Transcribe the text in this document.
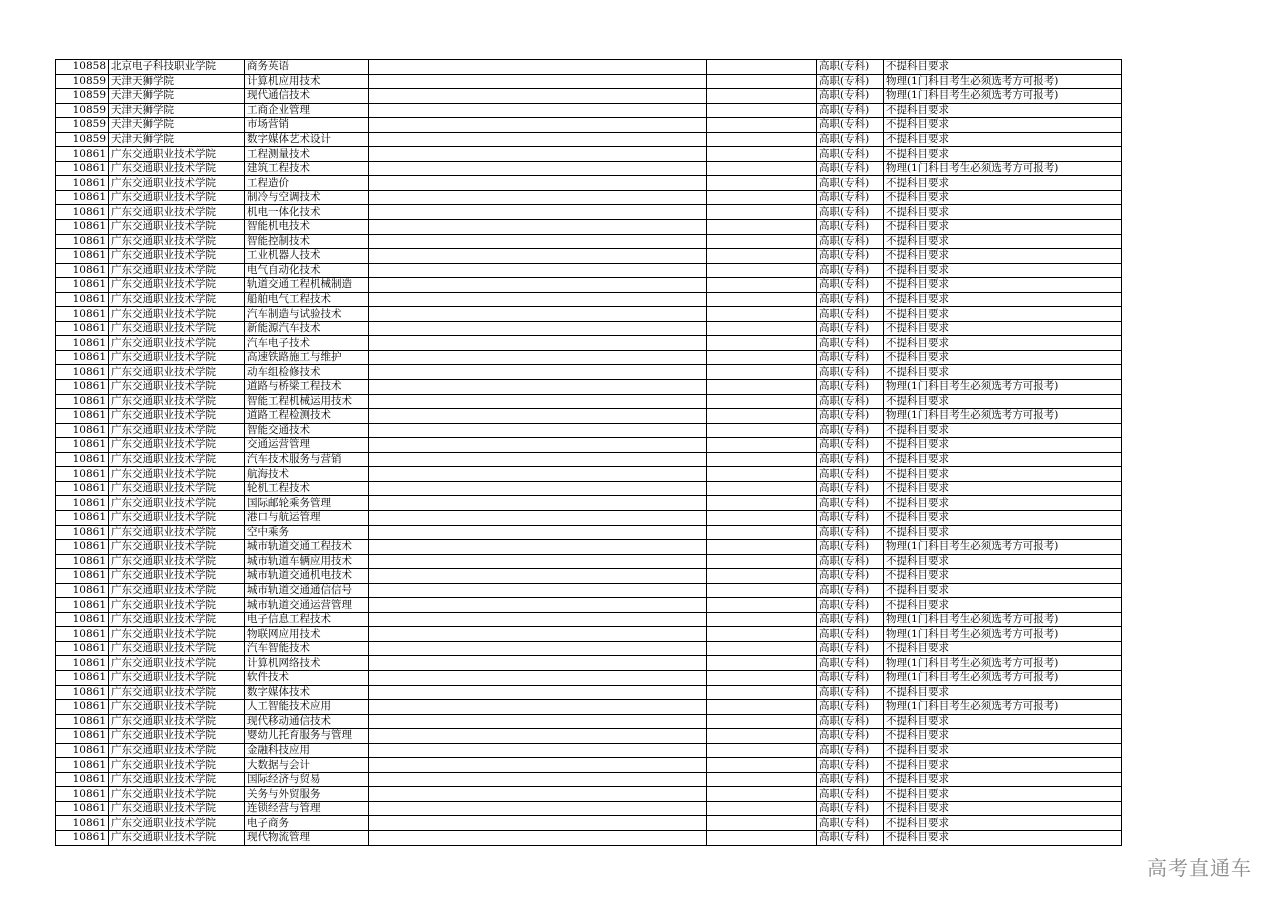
10858	北京电子科技职业学院	商务英语			高职(专科)	不提科目要求
10859	天津天狮学院	计算机应用技术			高职(专科)	物理(1门科目考生必须选考方可报考)
10859	天津天狮学院	现代通信技术			高职(专科)	物理(1门科目考生必须选考方可报考)
10859	天津天狮学院	工商企业管理			高职(专科)	不提科目要求
10859	天津天狮学院	市场营销			高职(专科)	不提科目要求
10859	天津天狮学院	数字媒体艺术设计			高职(专科)	不提科目要求
10861	广东交通职业技术学院	工程测量技术			高职(专科)	不提科目要求
10861	广东交通职业技术学院	建筑工程技术			高职(专科)	物理(1门科目考生必须选考方可报考)
10861	广东交通职业技术学院	工程造价			高职(专科)	不提科目要求
10861	广东交通职业技术学院	制冷与空调技术			高职(专科)	不提科目要求
10861	广东交通职业技术学院	机电一体化技术			高职(专科)	不提科目要求
10861	广东交通职业技术学院	智能机电技术			高职(专科)	不提科目要求
10861	广东交通职业技术学院	智能控制技术			高职(专科)	不提科目要求
10861	广东交通职业技术学院	工业机器人技术			高职(专科)	不提科目要求
10861	广东交通职业技术学院	电气自动化技术			高职(专科)	不提科目要求
10861	广东交通职业技术学院	轨道交通工程机械制造			高职(专科)	不提科目要求
10861	广东交通职业技术学院	船舶电气工程技术			高职(专科)	不提科目要求
10861	广东交通职业技术学院	汽车制造与试验技术			高职(专科)	不提科目要求
10861	广东交通职业技术学院	新能源汽车技术			高职(专科)	不提科目要求
10861	广东交通职业技术学院	汽车电子技术			高职(专科)	不提科目要求
10861	广东交通职业技术学院	高速铁路施工与维护			高职(专科)	不提科目要求
10861	广东交通职业技术学院	动车组检修技术			高职(专科)	不提科目要求
10861	广东交通职业技术学院	道路与桥梁工程技术			高职(专科)	物理(1门科目考生必须选考方可报考)
10861	广东交通职业技术学院	智能工程机械运用技术			高职(专科)	不提科目要求
10861	广东交通职业技术学院	道路工程检测技术			高职(专科)	物理(1门科目考生必须选考方可报考)
10861	广东交通职业技术学院	智能交通技术			高职(专科)	不提科目要求
10861	广东交通职业技术学院	交通运营管理			高职(专科)	不提科目要求
10861	广东交通职业技术学院	汽车技术服务与营销			高职(专科)	不提科目要求
10861	广东交通职业技术学院	航海技术			高职(专科)	不提科目要求
10861	广东交通职业技术学院	轮机工程技术			高职(专科)	不提科目要求
10861	广东交通职业技术学院	国际邮轮乘务管理			高职(专科)	不提科目要求
10861	广东交通职业技术学院	港口与航运管理			高职(专科)	不提科目要求
10861	广东交通职业技术学院	空中乘务			高职(专科)	不提科目要求
10861	广东交通职业技术学院	城市轨道交通工程技术			高职(专科)	物理(1门科目考生必须选考方可报考)
10861	广东交通职业技术学院	城市轨道车辆应用技术			高职(专科)	不提科目要求
10861	广东交通职业技术学院	城市轨道交通机电技术			高职(专科)	不提科目要求
10861	广东交通职业技术学院	城市轨道交通通信信号			高职(专科)	不提科目要求
10861	广东交通职业技术学院	城市轨道交通运营管理			高职(专科)	不提科目要求
10861	广东交通职业技术学院	电子信息工程技术			高职(专科)	物理(1门科目考生必须选考方可报考)
10861	广东交通职业技术学院	物联网应用技术			高职(专科)	物理(1门科目考生必须选考方可报考)
10861	广东交通职业技术学院	汽车智能技术			高职(专科)	不提科目要求
10861	广东交通职业技术学院	计算机网络技术			高职(专科)	物理(1门科目考生必须选考方可报考)
10861	广东交通职业技术学院	软件技术			高职(专科)	物理(1门科目考生必须选考方可报考)
10861	广东交通职业技术学院	数字媒体技术			高职(专科)	不提科目要求
10861	广东交通职业技术学院	人工智能技术应用			高职(专科)	物理(1门科目考生必须选考方可报考)
10861	广东交通职业技术学院	现代移动通信技术			高职(专科)	不提科目要求
10861	广东交通职业技术学院	婴幼儿托育服务与管理			高职(专科)	不提科目要求
10861	广东交通职业技术学院	金融科技应用			高职(专科)	不提科目要求
10861	广东交通职业技术学院	大数据与会计			高职(专科)	不提科目要求
10861	广东交通职业技术学院	国际经济与贸易			高职(专科)	不提科目要求
10861	广东交通职业技术学院	关务与外贸服务			高职(专科)	不提科目要求
10861	广东交通职业技术学院	连锁经营与管理			高职(专科)	不提科目要求
10861	广东交通职业技术学院	电子商务			高职(专科)	不提科目要求
10861	广东交通职业技术学院	现代物流管理			高职(专科)	不提科目要求
高考直通车
